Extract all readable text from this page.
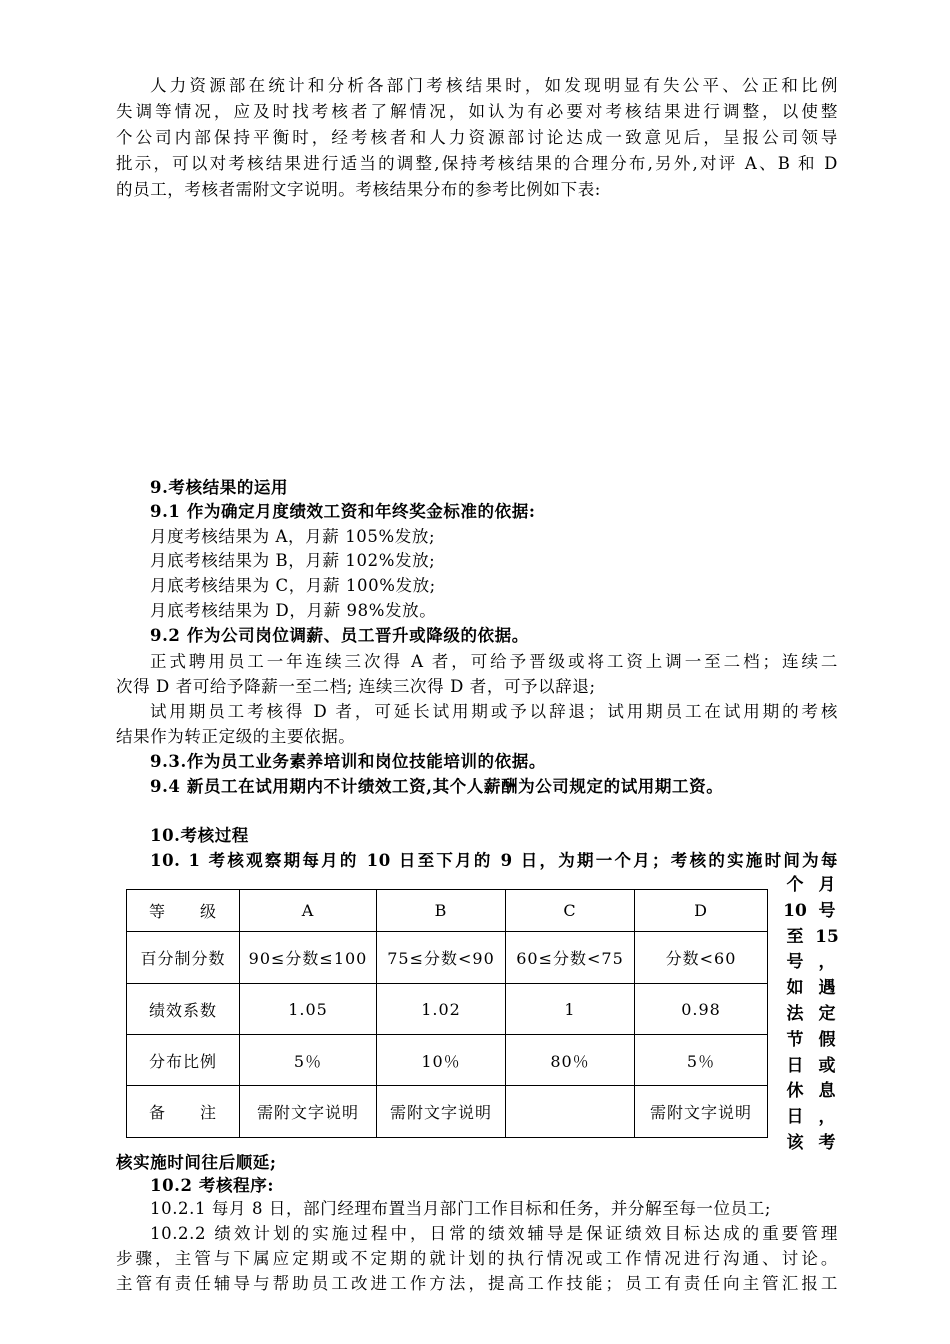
人力资源部在统计和分析各部门考核结果时，如发现明显有失公平、公正和比例
失调等情况，应及时找考核者了解情况，如认为有必要对考核结果进行调整，以使整
个公司内部保持平衡时，经考核者和人力资源部讨论达成一致意见后，呈报公司领导
批示，可以对考核结果进行适当的调整,保持考核结果的合理分布,另外,对评 A、B 和 D
的员工，考核者需附文字说明。考核结果分布的参考比例如下表:
9.考核结果的运用
9.1 作为确定月度绩效工资和年终奖金标准的依据:
月度考核结果为 A，月薪 105%发放;
月底考核结果为 B，月薪 102%发放;
月底考核结果为 C，月薪 100%发放;
月底考核结果为 D，月薪 98%发放。
9.2 作为公司岗位调薪、员工晋升或降级的依据。
正式聘用员工一年连续三次得 A 者，可给予晋级或将工资上调一至二档；连续二
次得 D 者可给予降薪一至二档; 连续三次得 D 者，可予以辞退;
试用期员工考核得 D 者，可延长试用期或予以辞退；试用期员工在试用期的考核
结果作为转正定级的主要依据。
9.3.作为员工业务素养培训和岗位技能培训的依据。
9.4 新员工在试用期内不计绩效工资,其个人薪酬为公司规定的试用期工资。
10.考核过程
10. 1 考核观察期每月的 10 日至下月的 9 日，为期一个月；考核的实施时间为每
个
10
至
号
如
法
节
日
休
日
该
月
号
15
，
遇
定
假
或
息
，
考
核实施时间往后顺延;
10.2 考核程序:
10.2.1 每月 8 日，部门经理布置当月部门工作目标和任务，并分解至每一位员工;
10.2.2 绩效计划的实施过程中，日常的绩效辅导是保证绩效目标达成的重要管理
步骤，主管与下属应定期或不定期的就计划的执行情况或工作情况进行沟通、讨论。
主管有责任辅导与帮助员工改进工作方法，提高工作技能；员工有责任向主管汇报工
等　　级	A	B	C	D
百分制分数	90≤分数≤100	75≤分数<90	60≤分数<75	分数<60
绩效系数	1.05	1.02	1	0.98
分布比例	5％	10％	80％	5％
备　　注	需附文字说明	需附文字说明		需附文字说明
